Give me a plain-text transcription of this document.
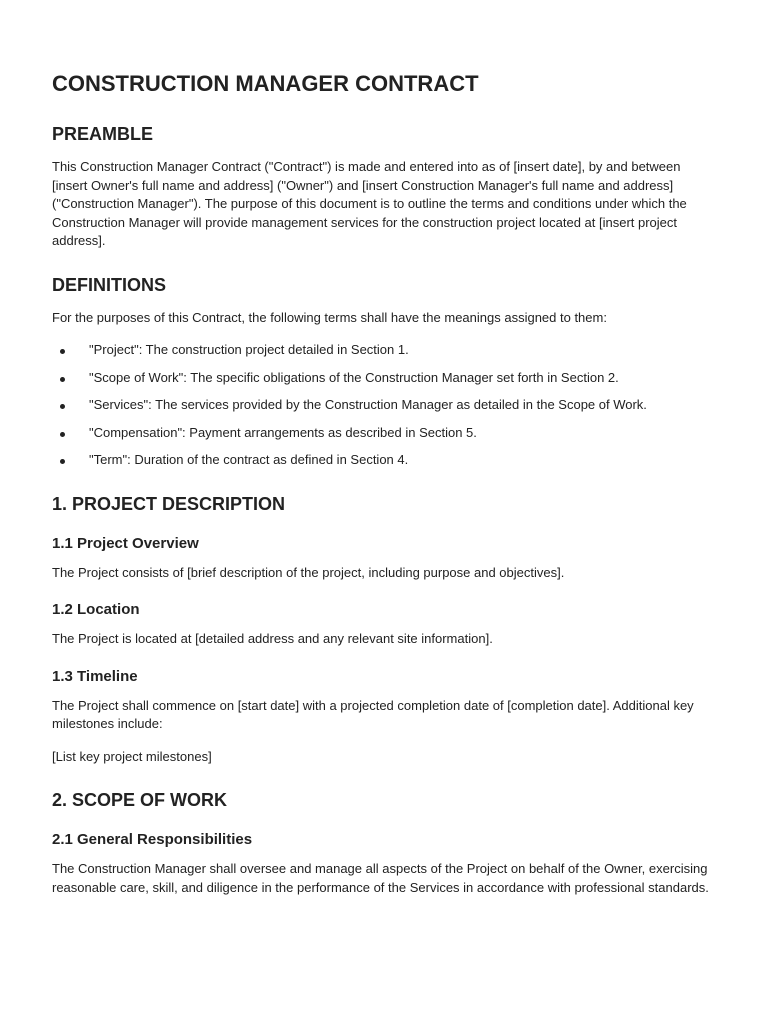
CONSTRUCTION MANAGER CONTRACT
PREAMBLE

This Construction Manager Contract ("Contract") is made and entered into as of [insert date], by and between [insert Owner's full name and address] ("Owner") and [insert Construction Manager's full name and address] ("Construction Manager"). The purpose of this document is to outline the terms and conditions under which the Construction Manager will provide management services for the construction project located at [insert project address].

DEFINITIONS

For the purposes of this Contract, the following terms shall have the meanings assigned to them:

"Project": The construction project detailed in Section 1.
"Scope of Work": The specific obligations of the Construction Manager set forth in Section 2.
"Services": The services provided by the Construction Manager as detailed in the Scope of Work.
"Compensation": Payment arrangements as described in Section 5.
"Term": Duration of the contract as defined in Section 4.
1. PROJECT DESCRIPTION
1.1 Project Overview

The Project consists of [brief description of the project, including purpose and objectives].

1.2 Location

The Project is located at [detailed address and any relevant site information].

1.3 Timeline

The Project shall commence on [start date] with a projected completion date of [completion date]. Additional key milestones include:

[List key project milestones]

2. SCOPE OF WORK
2.1 General Responsibilities

The Construction Manager shall oversee and manage all aspects of the Project on behalf of the Owner, exercising reasonable care, skill, and diligence in the performance of the Services in accordance with professional standards.
